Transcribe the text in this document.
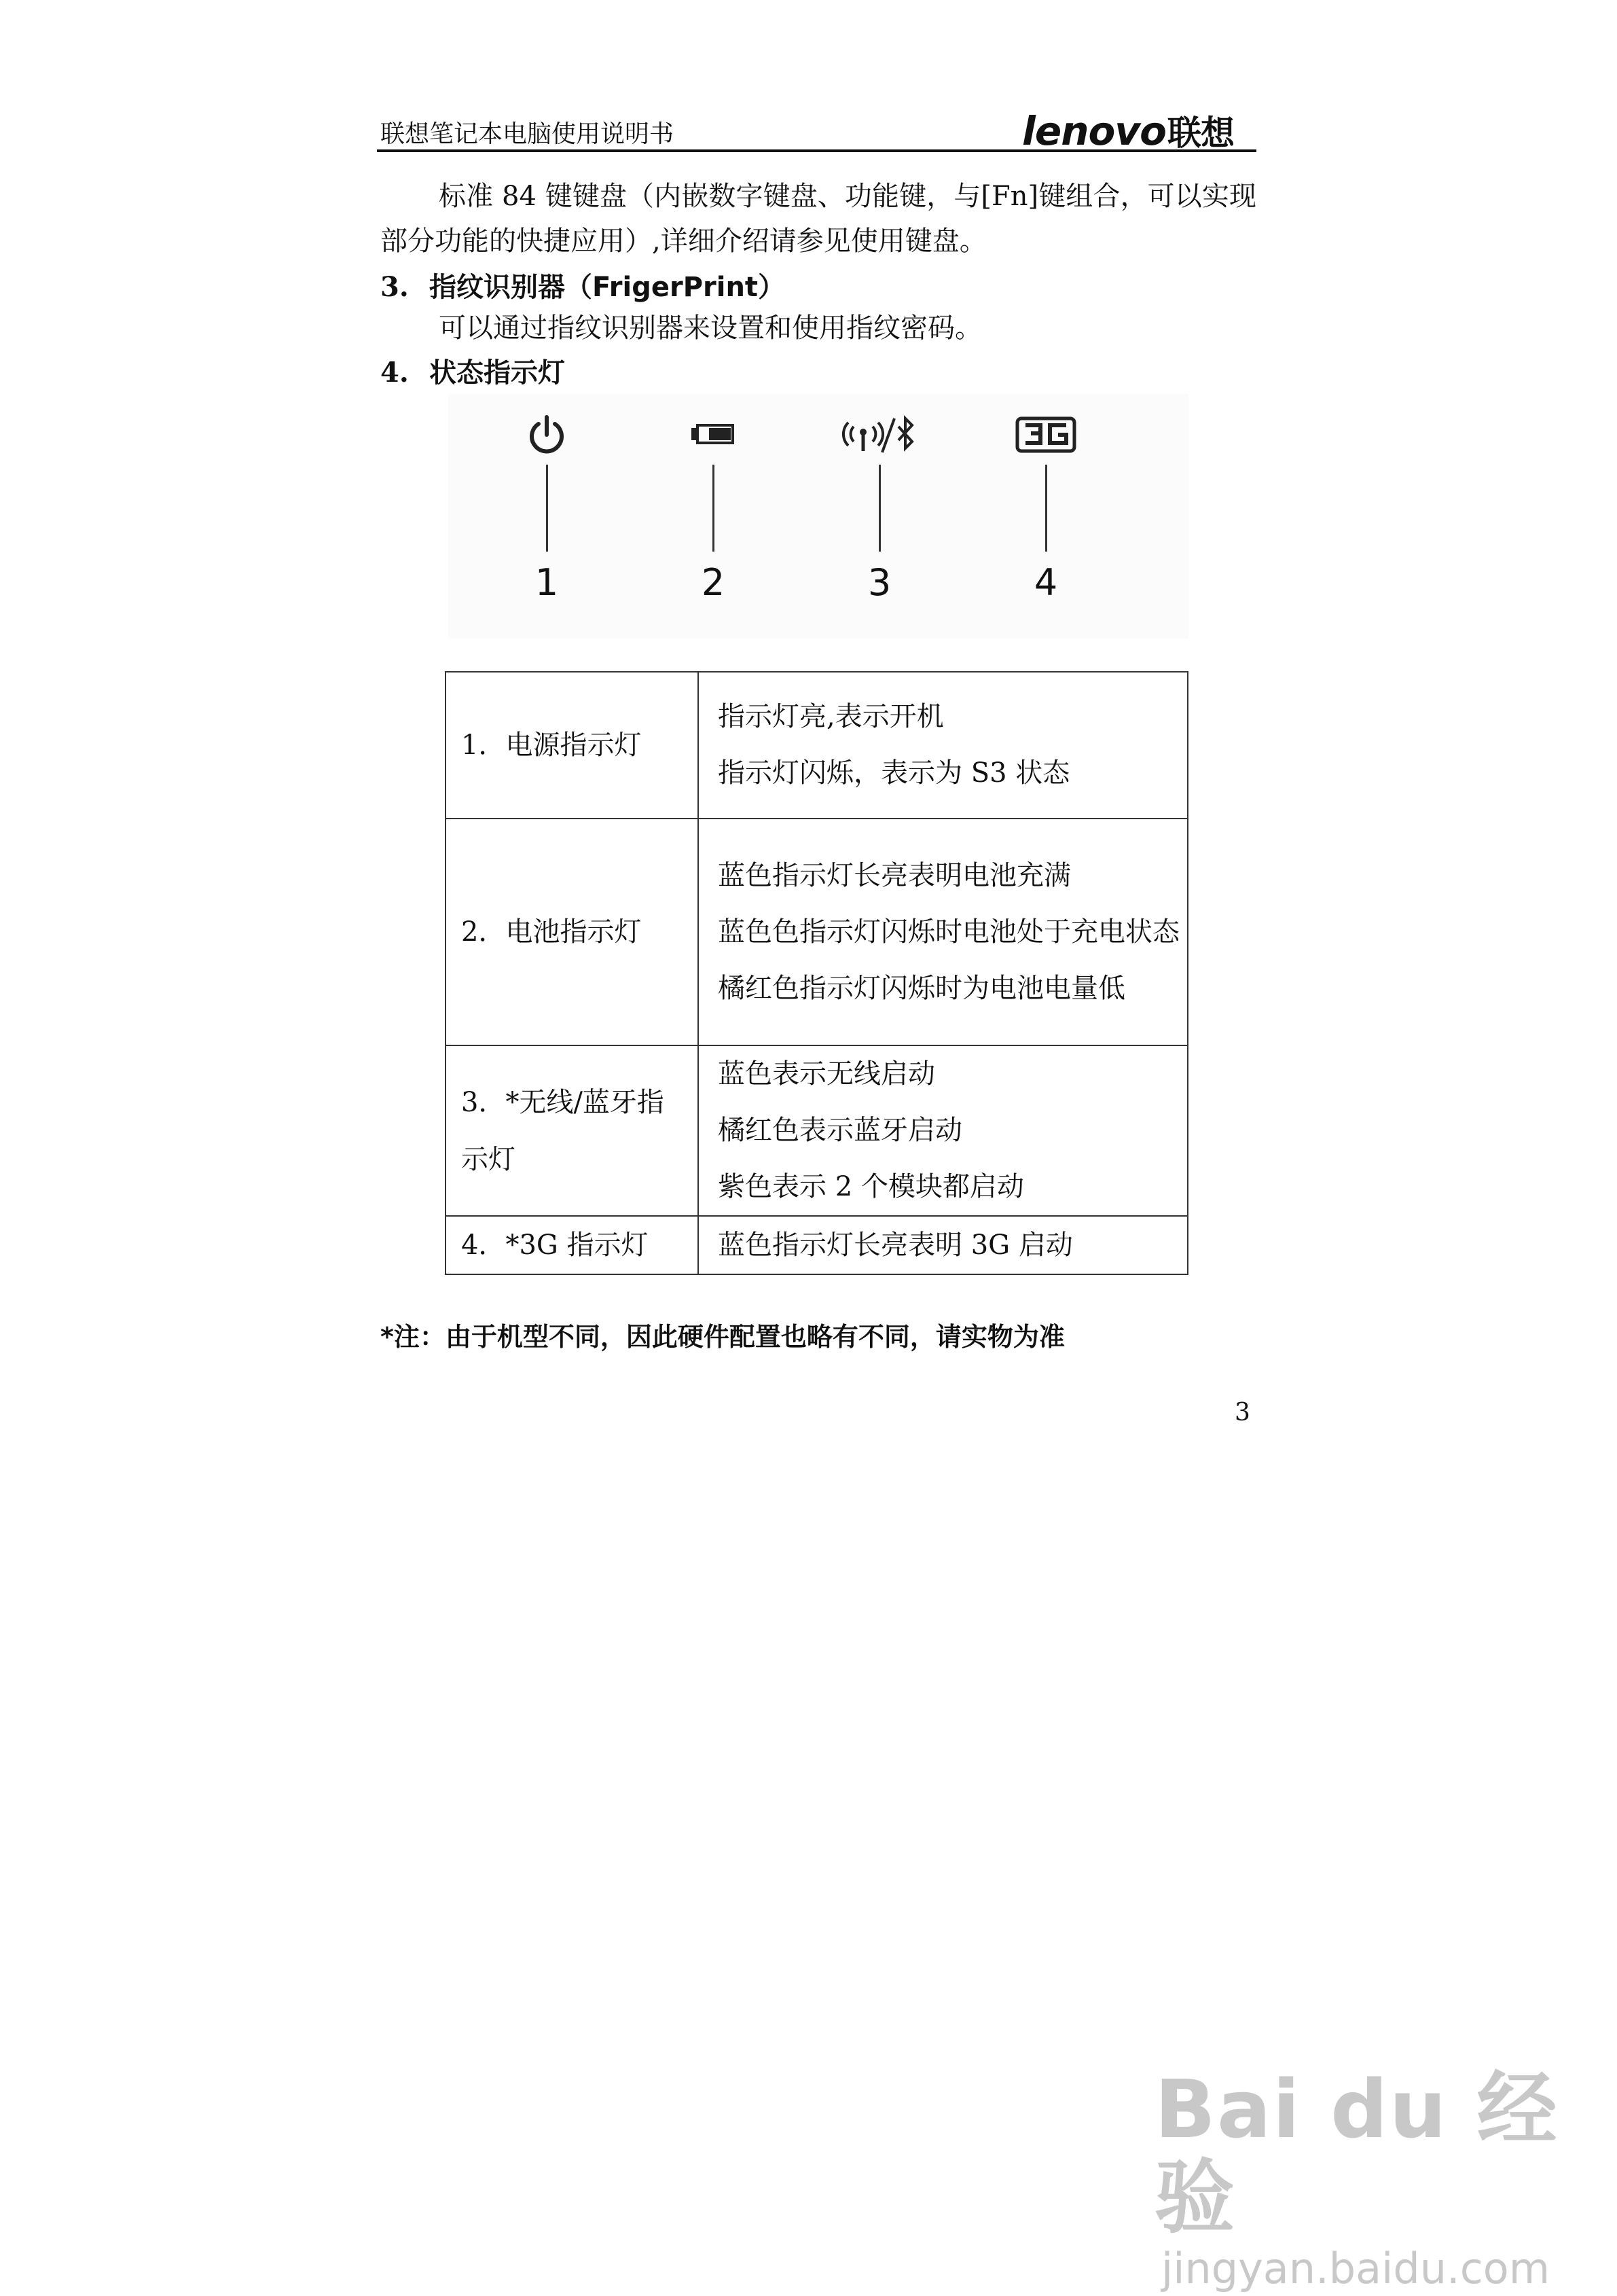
联想笔记本电脑使用说明书	lenovo联想
标准 84 键键盘（内嵌数字键盘、功能键，与[Fn]键组合，可以实现部分功能的快捷应用）,详细介绍请参见使用键盘。
3. 指纹识别器（FrigerPrint）
可以通过指纹识别器来设置和使用指纹密码。
4. 状态指示灯
1	2	3	4
1．电源指示灯	指示灯亮,表示开机
指示灯闪烁，表示为 S3 状态

2．电池指示灯	蓝色指示灯长亮表明电池充满
蓝色色指示灯闪烁时电池处于充电状态
橘红色指示灯闪烁时为电池电量低

3．*无线/蓝牙指示灯	蓝色表示无线启动
橘红色表示蓝牙启动
紫色表示 2 个模块都启动

4．*3G 指示灯	蓝色指示灯长亮表明 3G 启动
*注：由于机型不同，因此硬件配置也略有不同，请实物为准
3
Bai du 经验
jingyan.baidu.com
